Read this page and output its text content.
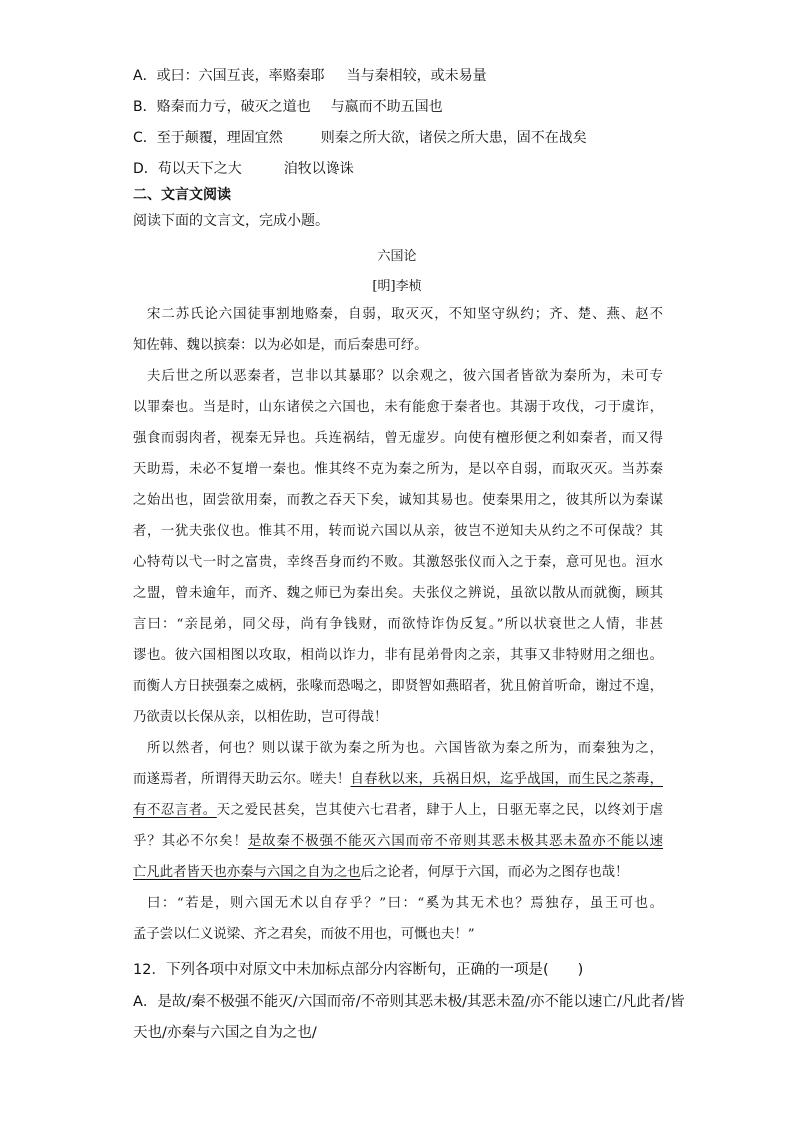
A．或曰：六国互丧，率赂秦耶 当与秦相较，或未易量
B．赂秦而力亏，破灭之道也 与嬴而不助五国也
C．至于颠覆，理固宜然	则秦之所大欲，诸侯之所大患，固不在战矣
D．苟以天下之大	洎牧以谗诛
二、文言文阅读
阅读下面的文言文，完成小题。
六国论
[明]李桢
宋二苏氏论六国徒事割地赂秦，自弱，取灭灭，不知坚守纵约；齐、楚、燕、赵不
知佐韩、魏以摈秦：以为必如是，而后秦患可纾。
夫后世之所以恶秦者，岂非以其暴耶？以余观之，彼六国者皆欲为秦所为，未可专
以罪秦也。当是时，山东诸侯之六国也，未有能愈于秦者也。其溺于攻伐，刁于虞诈，
强食而弱肉者，视秦无异也。兵连祸结，曾无虚岁。向使有檀形便之利如秦者，而又得
天助焉，未必不复增一秦也。惟其终不克为秦之所为，是以卒自弱，而取灭灭。当苏秦
之始出也，固尝欲用秦，而教之吞天下矣，诚知其易也。使秦果用之，彼其所以为秦谋
者，一犹夫张仪也。惟其不用，转而说六国以从亲，彼岂不逆知夫从约之不可保哉？其
心特苟以弋一时之富贵，幸终吾身而约不败。其激怒张仪而入之于秦，意可见也。洹水
之盟，曾未逾年，而齐、魏之师已为秦出矣。夫张仪之辨说，虽欲以散从而就衡，顾其
言曰：“亲昆弟，同父母，尚有争钱财，而欲恃诈伪反复。”所以状衰世之人情，非甚
谬也。彼六国相图以攻取，相尚以诈力，非有昆弟骨肉之亲，其事又非特财用之细也。
而衡人方日挟强秦之威柄，张喙而恐喝之，即贤智如燕昭者，犹且俯首听命，谢过不遑，
乃欲责以长保从亲，以相佐助，岂可得哉！
所以然者，何也？则以谋于欲为秦之所为也。六国皆欲为秦之所为，而秦独为之，
而遂焉者，所谓得天助云尔。嗟夫！自春秋以来，兵祸日炽，迄乎战国，而生民之荼毒，
有不忍言者。天之爱民甚矣，岂其使六七君者，肆于人上，日驱无辜之民，以终刘于虐
乎？其必不尔矣！是故秦不极强不能灭六国而帝不帝则其恶未极其恶未盈亦不能以速
亡凡此者皆天也亦秦与六国之自为之也后之论者，何厚于六国，而必为之图存也哉！
曰：“若是，则六国无术以自存乎？”曰：“奚为其无术也？焉独存，虽王可也。
孟子尝以仁义说梁、齐之君矣，而彼不用也，可慨也夫！”
12．下列各项中对原文中未加标点部分内容断句，正确的一项是(　　)
A．是故/秦不极强不能灭/六国而帝/不帝则其恶未极/其恶未盈/亦不能以速亡/凡此者/皆
天也/亦秦与六国之自为之也/
